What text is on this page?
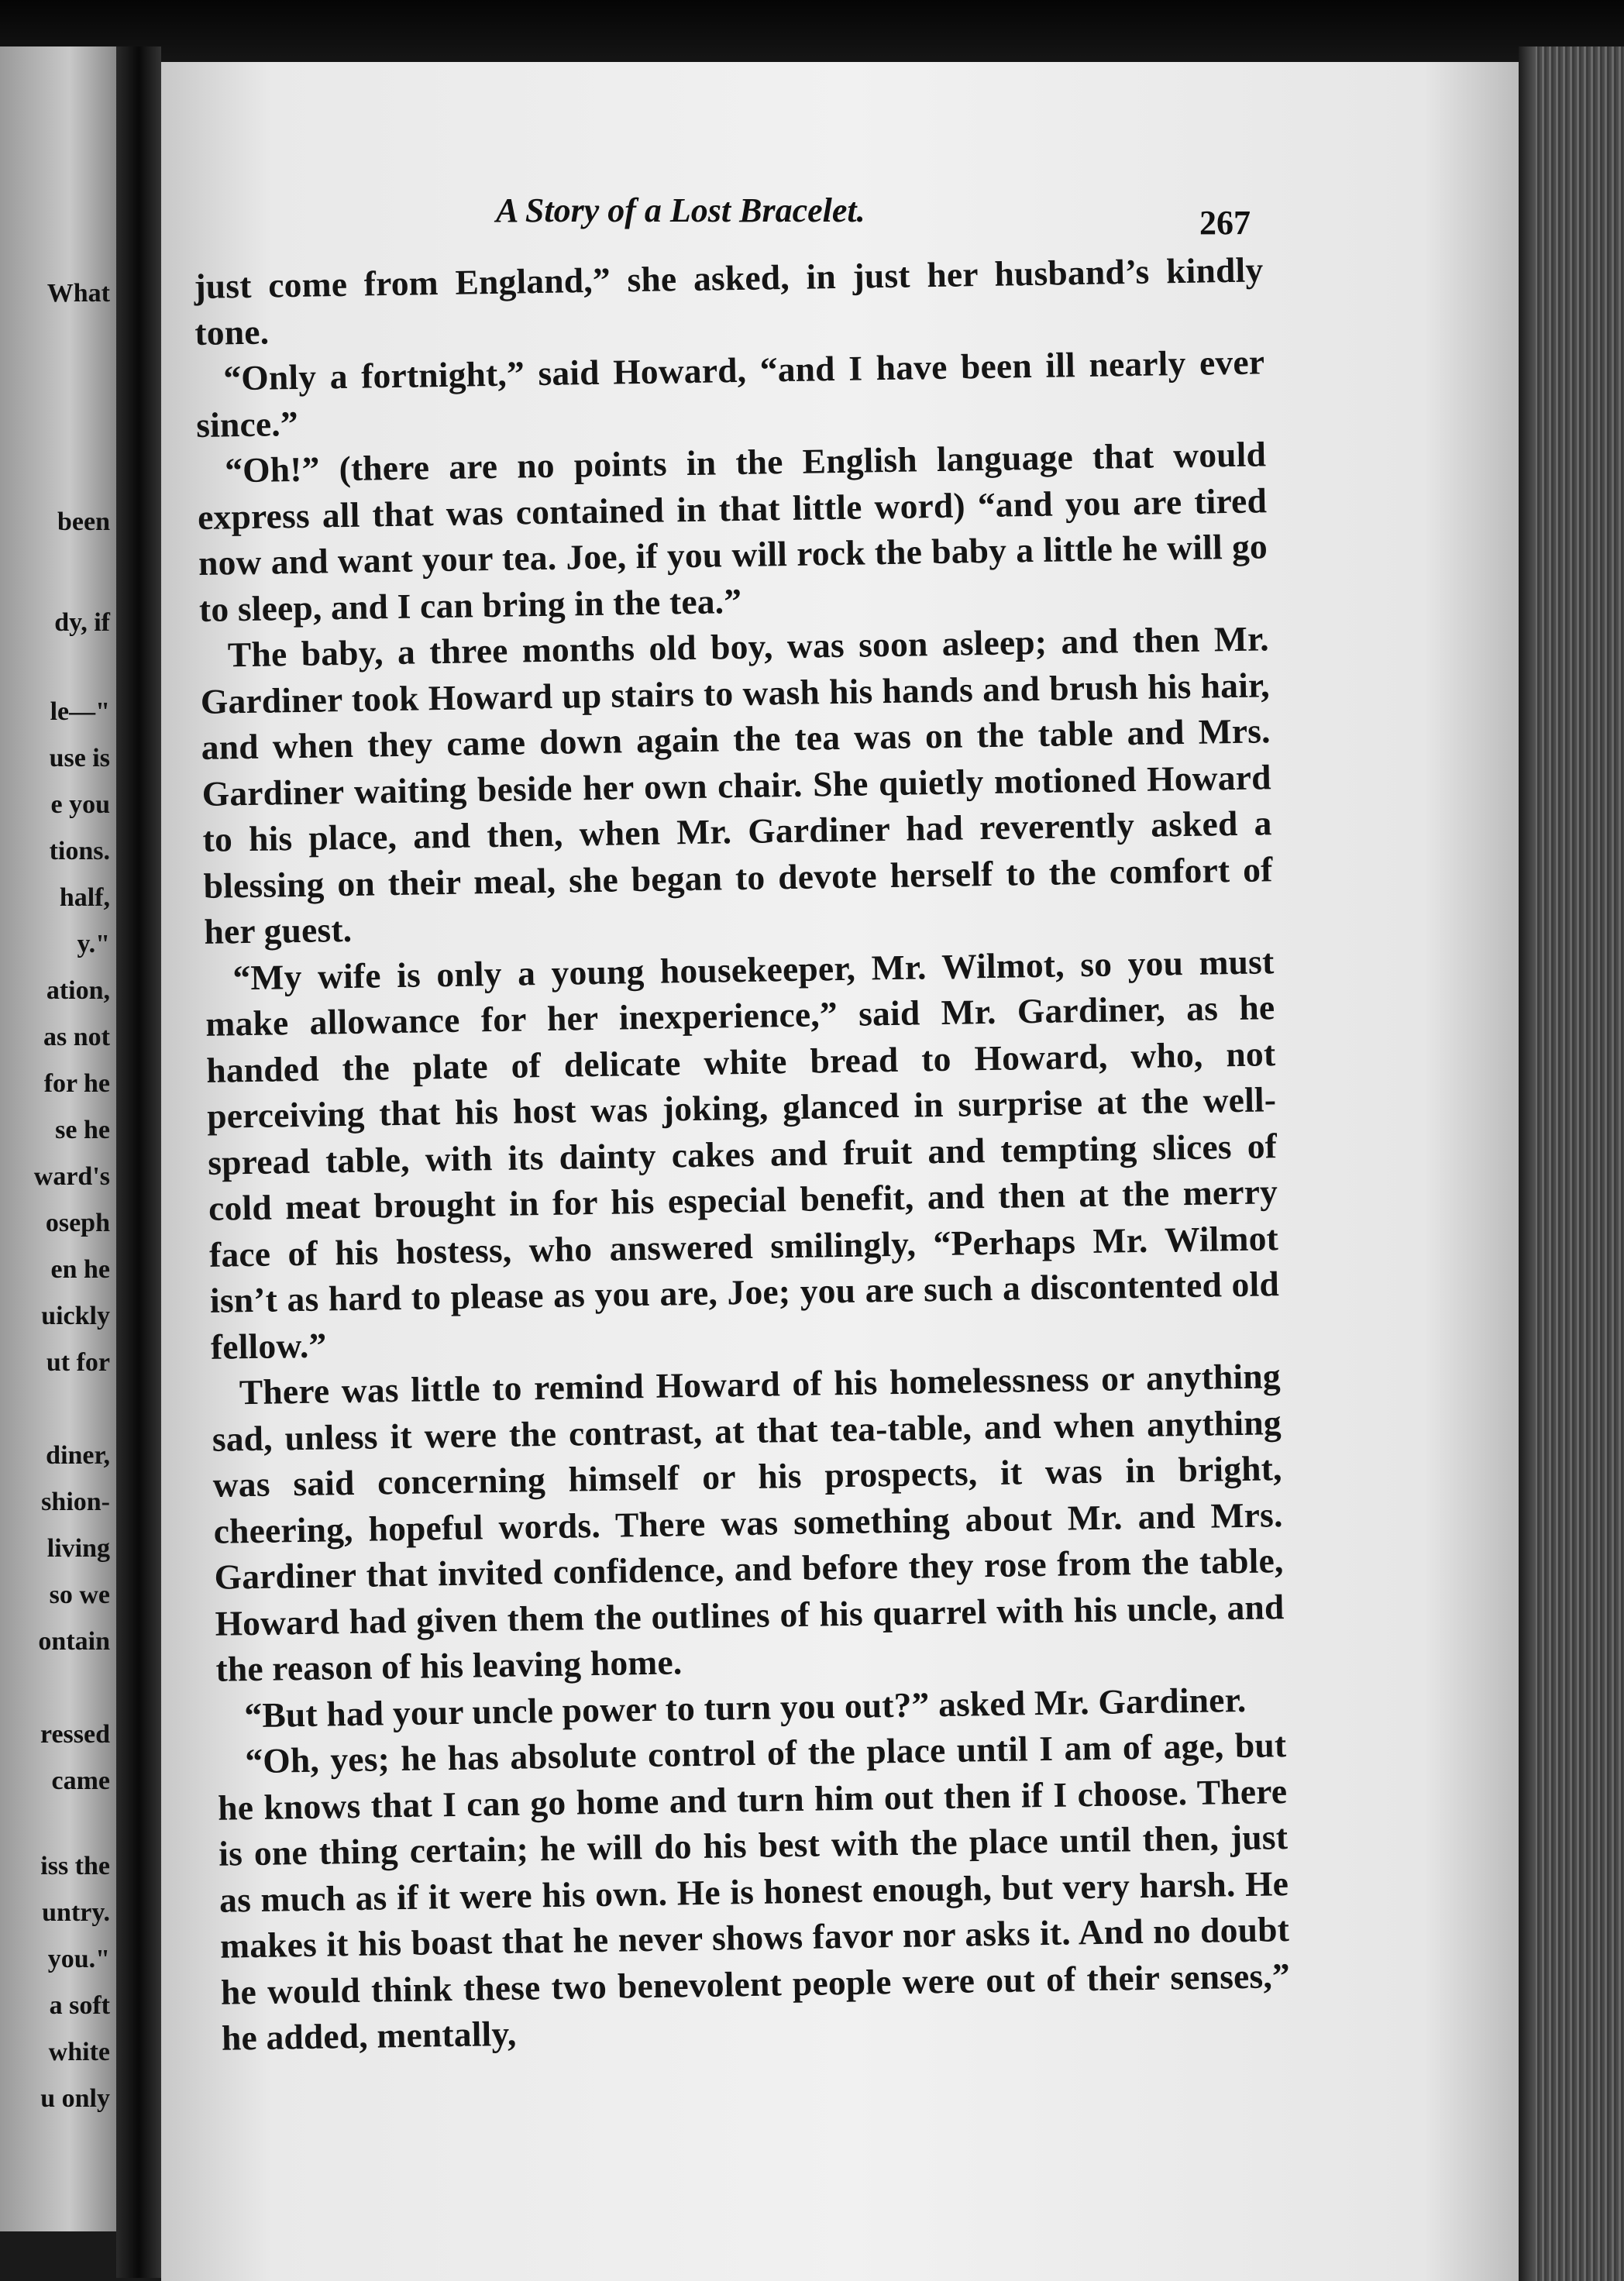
What

been

dy, if

le—"

use is

e you

tions.

half,

y."

ation,

as not

for he

se he

ward's

oseph

en he

uickly

ut for

diner,

shion-

living

so we

ontain

ressed

came

iss the

untry.

you."

a soft

white

u only

A Story of a Lost Bracelet.	267

just come from England,” she asked, in just her husband’s kindly tone.

“Only a fortnight,” said Howard, “and I have been ill nearly ever since.”

“Oh!” (there are no points in the English language that would express all that was contained in that little word) “and you are tired now and want your tea. Joe, if you will rock the baby a little he will go to sleep, and I can bring in the tea.”

The baby, a three months old boy, was soon asleep; and then Mr. Gardiner took Howard up stairs to wash his hands and brush his hair, and when they came down again the tea was on the table and Mrs. Gardiner waiting beside her own chair. She quietly motioned Howard to his place, and then, when Mr. Gardiner had reverently asked a blessing on their meal, she began to devote herself to the comfort of her guest.

“My wife is only a young housekeeper, Mr. Wilmot, so you must make allowance for her inexperience,” said Mr. Gardiner, as he handed the plate of delicate white bread to Howard, who, not perceiving that his host was joking, glanced in surprise at the well-spread table, with its dainty cakes and fruit and tempting slices of cold meat brought in for his especial benefit, and then at the merry face of his hostess, who answered smilingly, “Perhaps Mr. Wilmot isn’t as hard to please as you are, Joe; you are such a discontented old fellow.”

There was little to remind Howard of his homelessness or anything sad, unless it were the contrast, at that tea-table, and when anything was said concerning himself or his prospects, it was in bright, cheering, hopeful words. There was something about Mr. and Mrs. Gardiner that invited confidence, and before they rose from the table, Howard had given them the outlines of his quarrel with his uncle, and the reason of his leaving home.

“But had your uncle power to turn you out?” asked Mr. Gardiner.

“Oh, yes; he has absolute control of the place until I am of age, but he knows that I can go home and turn him out then if I choose. There is one thing certain; he will do his best with the place until then, just as much as if it were his own. He is honest enough, but very harsh. He makes it his boast that he never shows favor nor asks it. And no doubt he would think these two benevolent people were out of their senses,” he added, mentally,
